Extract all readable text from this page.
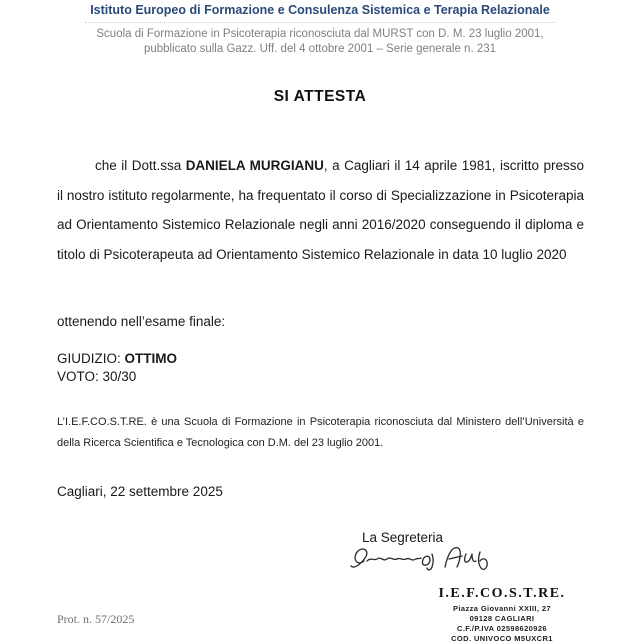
Istituto Europeo di Formazione e Consulenza Sistemica e Terapia Relazionale
Scuola di Formazione in Psicoterapia riconosciuta dal MURST con D. M. 23 luglio 2001,
pubblicato sulla Gazz. Uff. del 4 ottobre 2001 – Serie generale n. 231
SI ATTESTA
che il Dott.ssa DANIELA MURGIANU, a Cagliari il 14 aprile 1981, iscritto presso il nostro istituto regolarmente, ha frequentato il corso di Specializzazione in Psicoterapia ad Orientamento Sistemico Relazionale negli anni 2016/2020 conseguendo il diploma e titolo di Psicoterapeuta ad Orientamento Sistemico Relazionale in data 10 luglio 2020
ottenendo nell’esame finale:
GIUDIZIO: OTTIMO
VOTO: 30/30
L’I.E.F.CO.S.T.RE. è una Scuola di Formazione in Psicoterapia riconosciuta dal Ministero dell’Università e della Ricerca Scientifica e Tecnologica con D.M. del 23 luglio 2001.
Cagliari, 22 settembre 2025
La Segreteria
I.E.F.CO.S.T.RE.
Piazza Giovanni XXIII, 27
09128 CAGLIARI
C.F./P.IVA 02598620926
COD. UNIVOCO M5UXCR1
Prot. n. 57/2025
